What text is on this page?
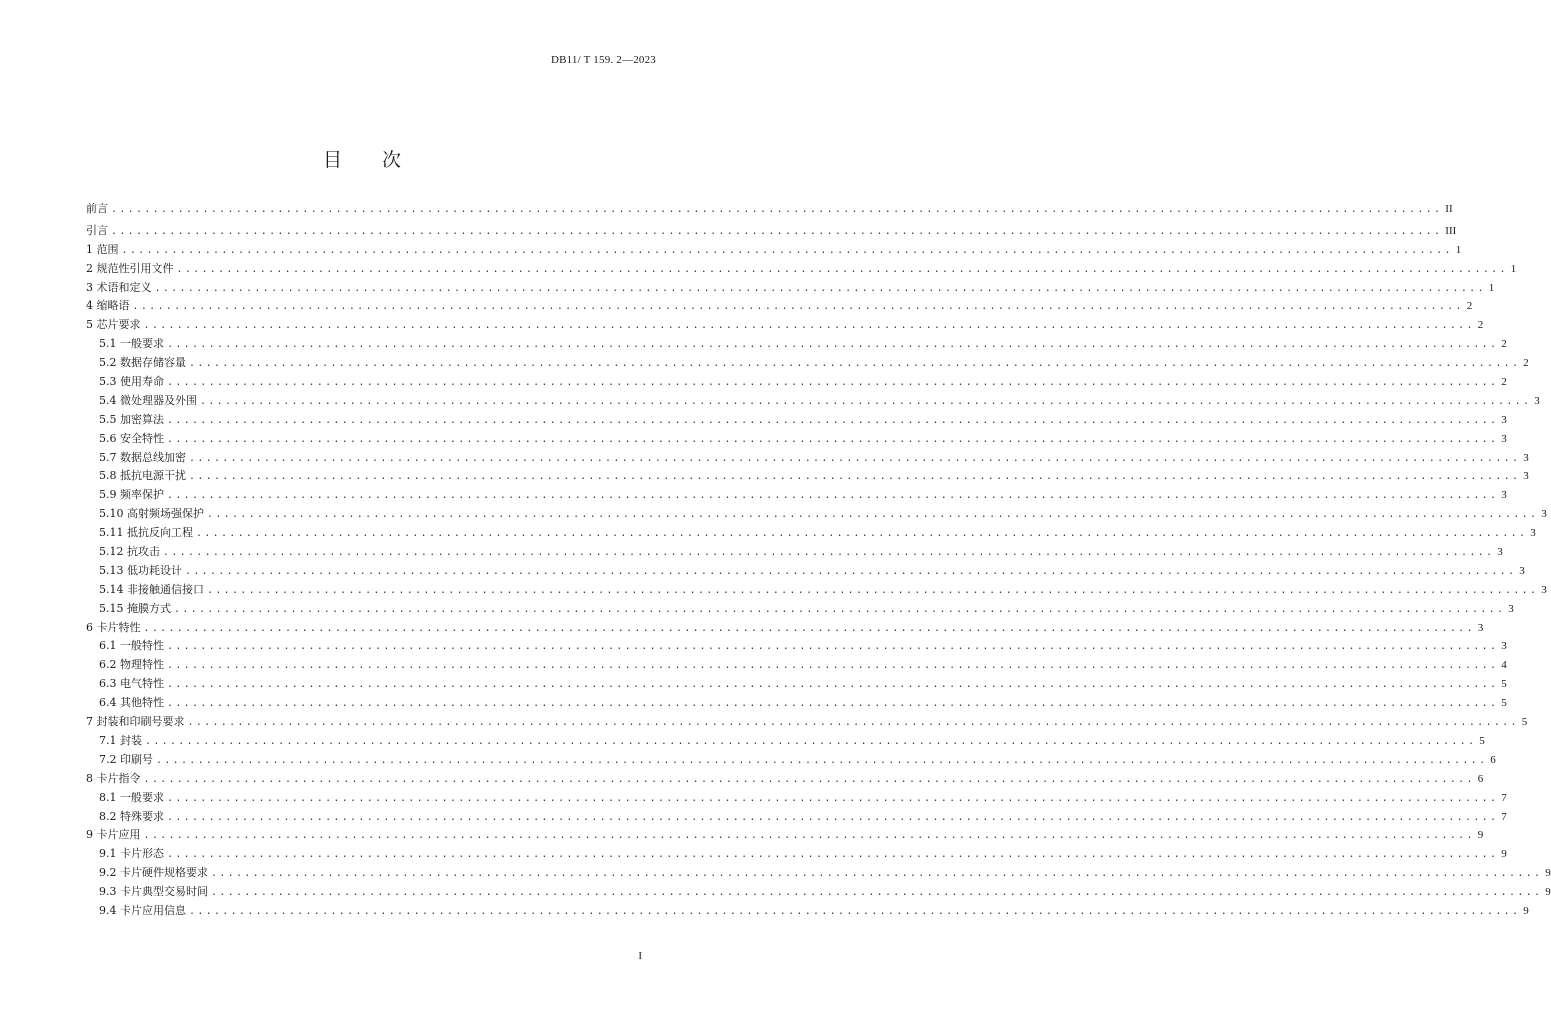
DB11/ T 159. 2—2023
目 次
前言 ................................................................................................................................................................ II
引言 ................................................................................................................................................................ III
1 范围 ................................................................................................................................................................ 1
2 规范性引用文件 ................................................................................................................................................................ 1
3 术语和定义 ................................................................................................................................................................ 1
4 缩略语 ................................................................................................................................................................ 2
5 芯片要求 ................................................................................................................................................................ 2
5.1 一般要求 ................................................................................................................................................................ 2
5.2 数据存储容量 ................................................................................................................................................................ 2
5.3 使用寿命 ................................................................................................................................................................ 2
5.4 微处理器及外围 ................................................................................................................................................................ 3
5.5 加密算法 ................................................................................................................................................................ 3
5.6 安全特性 ................................................................................................................................................................ 3
5.7 数据总线加密 ................................................................................................................................................................ 3
5.8 抵抗电源干扰 ................................................................................................................................................................ 3
5.9 频率保护 ................................................................................................................................................................ 3
5.10 高射频场强保护 ................................................................................................................................................................ 3
5.11 抵抗反向工程 ................................................................................................................................................................ 3
5.12 抗攻击 ................................................................................................................................................................ 3
5.13 低功耗设计 ................................................................................................................................................................ 3
5.14 非接触通信接口 ................................................................................................................................................................ 3
5.15 掩膜方式 ................................................................................................................................................................ 3
6 卡片特性 ................................................................................................................................................................ 3
6.1 一般特性 ................................................................................................................................................................ 3
6.2 物理特性 ................................................................................................................................................................ 4
6.3 电气特性 ................................................................................................................................................................ 5
6.4 其他特性 ................................................................................................................................................................ 5
7 封装和印刷号要求 ................................................................................................................................................................ 5
7.1 封装 ................................................................................................................................................................ 5
7.2 印刷号 ................................................................................................................................................................ 6
8 卡片指令 ................................................................................................................................................................ 6
8.1 一般要求 ................................................................................................................................................................ 7
8.2 特殊要求 ................................................................................................................................................................ 7
9 卡片应用 ................................................................................................................................................................ 9
9.1 卡片形态 ................................................................................................................................................................ 9
9.2 卡片硬件规格要求 ................................................................................................................................................................ 9
9.3 卡片典型交易时间 ................................................................................................................................................................ 9
9.4 卡片应用信息 ................................................................................................................................................................ 9
I
